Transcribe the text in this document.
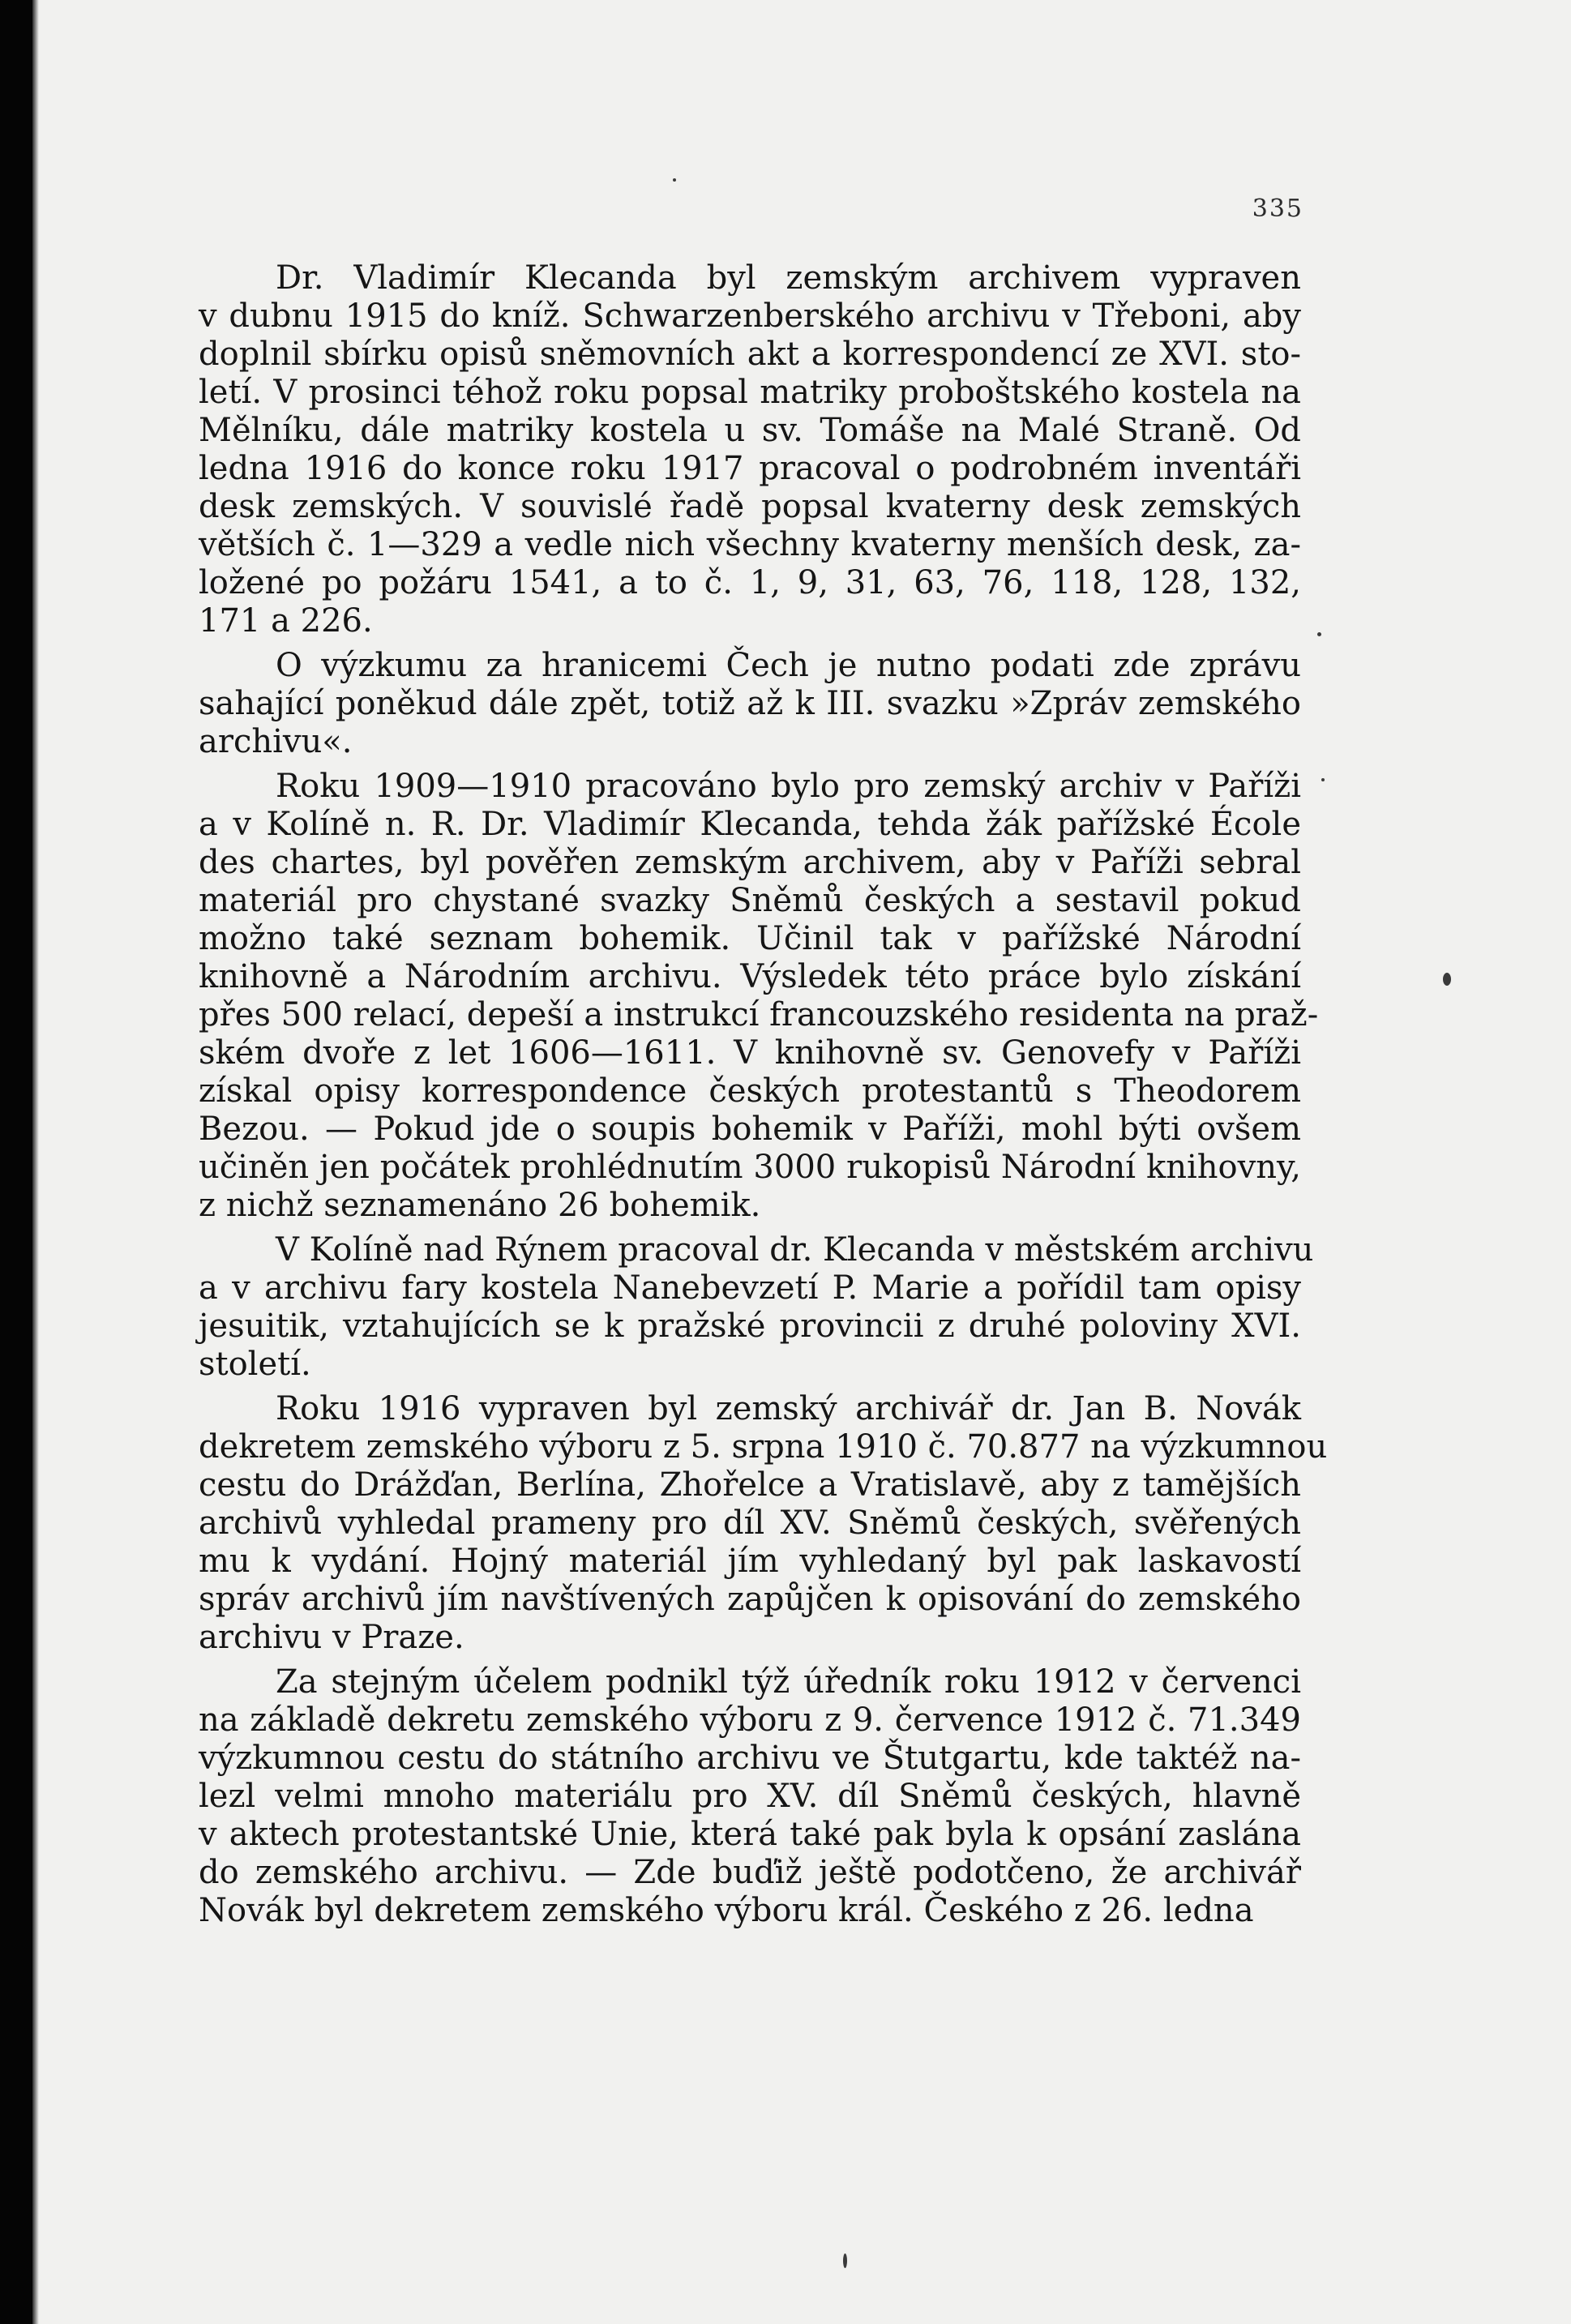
335
Dr. Vladimír Klecanda byl zemským archivem vypraven
v dubnu 1915 do kníž. Schwarzenberského archivu v Třeboni, aby
doplnil sbírku opisů sněmovních akt a korrespondencí ze XVI. sto-
letí. V prosinci téhož roku popsal matriky proboštského kostela na
Mělníku, dále matriky kostela u sv. Tomáše na Malé Straně. Od
ledna 1916 do konce roku 1917 pracoval o podrobném inventáři
desk zemských. V souvislé řadě popsal kvaterny desk zemských
větších č. 1—329 a vedle nich všechny kvaterny menších desk, za-
ložené po požáru 1541, a to č. 1, 9, 31, 63, 76, 118, 128, 132,
171 a 226.
O výzkumu za hranicemi Čech je nutno podati zde zprávu
sahající poněkud dále zpět, totiž až k III. svazku »Zpráv zemského
archivu«.
Roku 1909—1910 pracováno bylo pro zemský archiv v Paříži
a v Kolíně n. R. Dr. Vladimír Klecanda, tehda žák pařížské École
des chartes, byl pověřen zemským archivem, aby v Paříži sebral
materiál pro chystané svazky Sněmů českých a sestavil pokud
možno také seznam bohemik. Učinil tak v pařížské Národní
knihovně a Národním archivu. Výsledek této práce bylo získání
přes 500 relací, depeší a instrukcí francouzského residenta na praž-
ském dvoře z let 1606—1611. V knihovně sv. Genovefy v Paříži
získal opisy korrespondence českých protestantů s Theodorem
Bezou. — Pokud jde o soupis bohemik v Paříži, mohl býti ovšem
učiněn jen počátek prohlédnutím 3000 rukopisů Národní knihovny,
z nichž seznamenáno 26 bohemik.
V Kolíně nad Rýnem pracoval dr. Klecanda v městském archivu
a v archivu fary kostela Nanebevzetí P. Marie a pořídil tam opisy
jesuitik, vztahujících se k pražské provincii z druhé poloviny XVI.
století.
Roku 1916 vypraven byl zemský archivář dr. Jan B. Novák
dekretem zemského výboru z 5. srpna 1910 č. 70.877 na výzkumnou
cestu do Drážďan, Berlína, Zhořelce a Vratislavě, aby z tamějších
archivů vyhledal prameny pro díl XV. Sněmů českých, svěřených
mu k vydání. Hojný materiál jím vyhledaný byl pak laskavostí
správ archivů jím navštívených zapůjčen k opisování do zemského
archivu v Praze.
Za stejným účelem podnikl týž úředník roku 1912 v červenci
na základě dekretu zemského výboru z 9. července 1912 č. 71.349
výzkumnou cestu do státního archivu ve Štutgartu, kde taktéž na-
lezl velmi mnoho materiálu pro XV. díl Sněmů českých, hlavně
v aktech protestantské Unie, která také pak byla k opsání zaslána
do zemského archivu. — Zde buďiž ještě podotčeno, že archivář
Novák byl dekretem zemského výboru král. Českého z 26. ledna
